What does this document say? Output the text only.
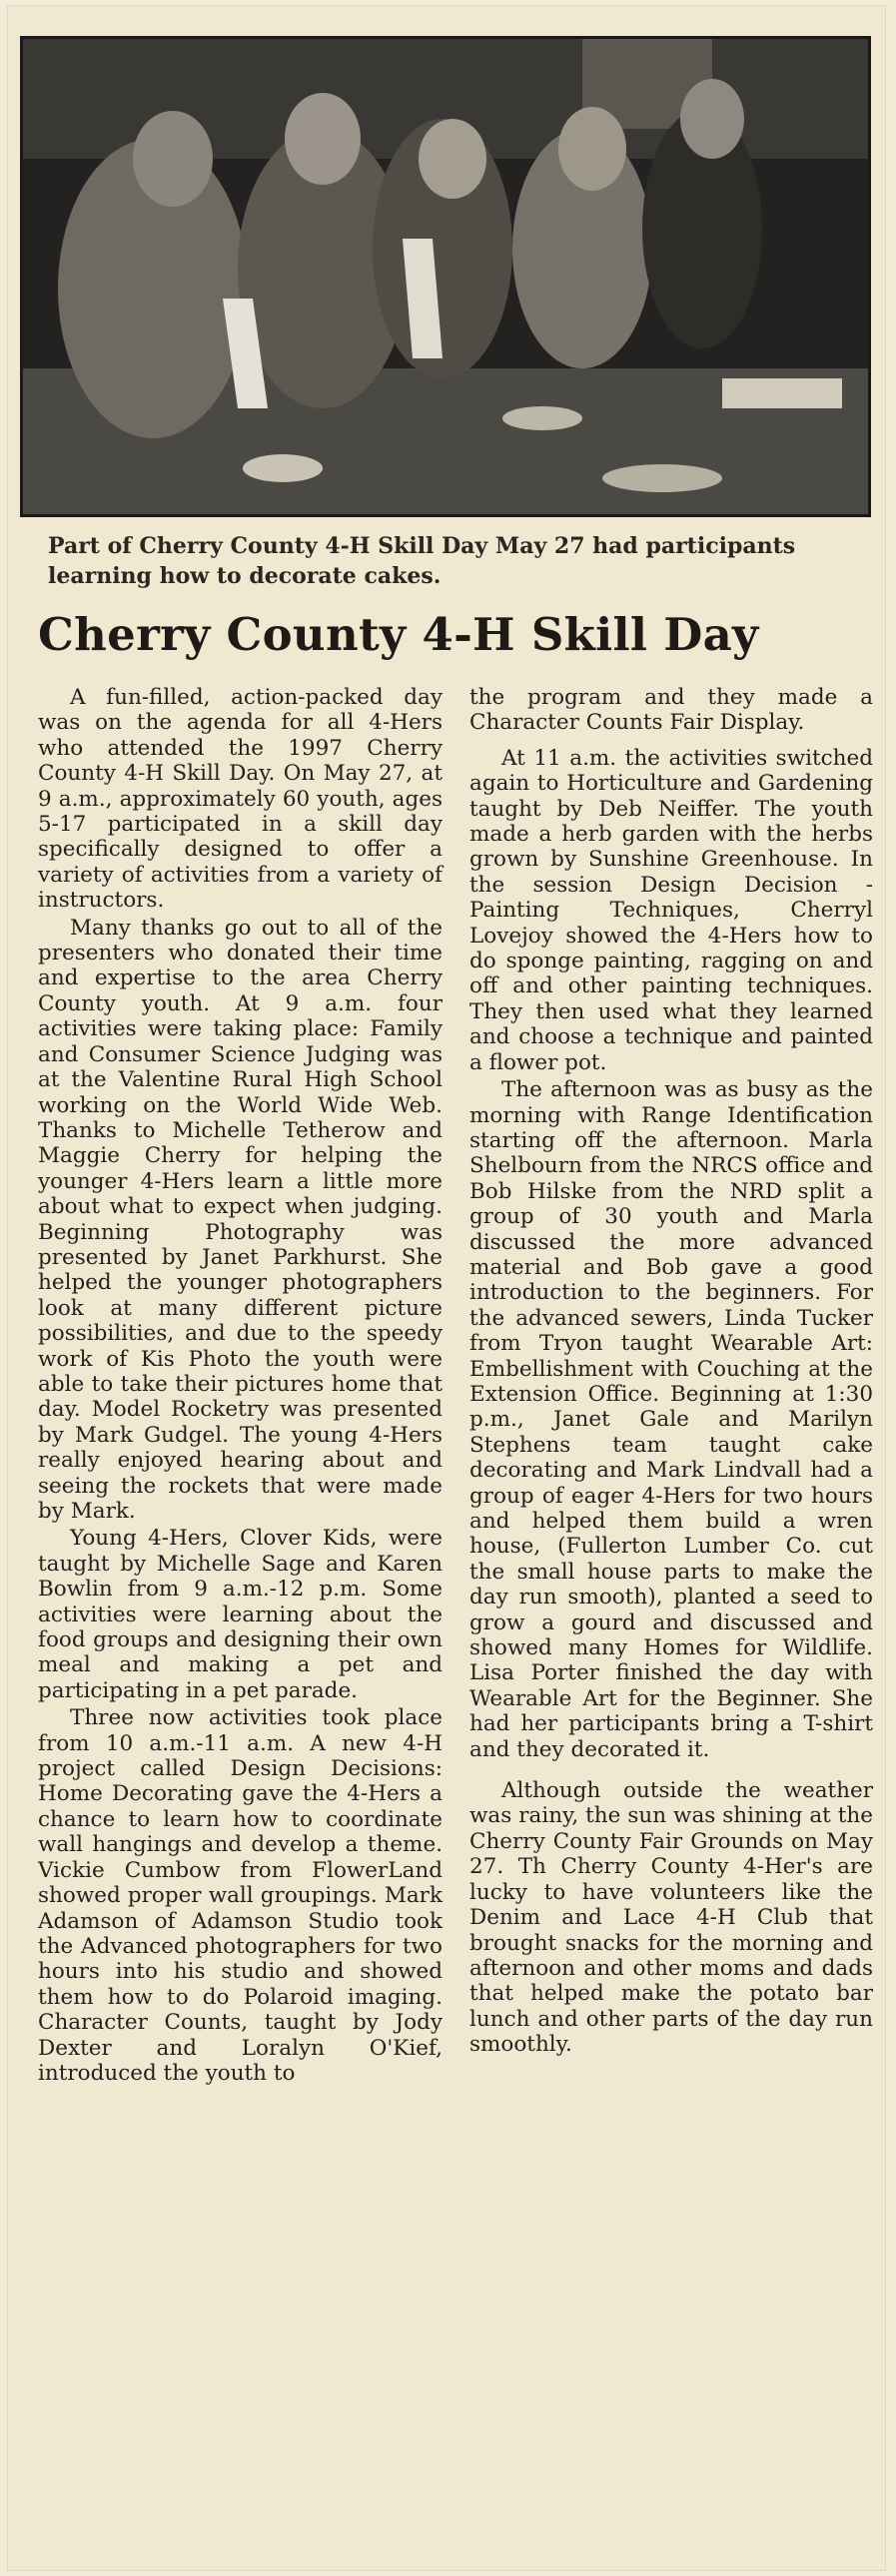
Part of Cherry County 4-H Skill Day May 27 had participants
learning how to decorate cakes.
Cherry County 4-H Skill Day

A fun-filled, action-packed day was on the agenda for all 4-Hers who attended the 1997 Cherry County 4-H Skill Day. On May 27, at 9 a.m., approximately 60 youth, ages 5-17 participated in a skill day specifically designed to offer a variety of activities from a variety of instructors.

Many thanks go out to all of the presenters who donated their time and expertise to the area Cherry County youth. At 9 a.m. four activities were taking place: Family and Consumer Science Judging was at the Valentine Rural High School working on the World Wide Web. Thanks to Michelle Tetherow and Maggie Cherry for helping the younger 4-Hers learn a little more about what to expect when judging. Beginning Photography was presented by Janet Parkhurst. She helped the younger photographers look at many different picture possibilities, and due to the speedy work of Kis Photo the youth were able to take their pictures home that day. Model Rocketry was presented by Mark Gudgel. The young 4-Hers really enjoyed hearing about and seeing the rockets that were made by Mark.

Young 4-Hers, Clover Kids, were taught by Michelle Sage and Karen Bowlin from 9 a.m.-12 p.m. Some activities were learning about the food groups and designing their own meal and making a pet and participating in a pet parade.

Three now activities took place from 10 a.m.-11 a.m. A new 4-H project called Design Decisions: Home Decorating gave the 4-Hers a chance to learn how to coordinate wall hangings and develop a theme. Vickie Cumbow from FlowerLand showed proper wall groupings. Mark Adamson of Adamson Studio took the Advanced photographers for two hours into his studio and showed them how to do Polaroid imaging. Character Counts, taught by Jody Dexter and Loralyn O'Kief, introduced the youth to

the program and they made a Character Counts Fair Display.

At 11 a.m. the activities switched again to Horticulture and Gardening taught by Deb Neiffer. The youth made a herb garden with the herbs grown by Sunshine Greenhouse. In the session Design Decision - Painting Techniques, Cherryl Lovejoy showed the 4-Hers how to do sponge painting, ragging on and off and other painting techniques. They then used what they learned and choose a technique and painted a flower pot.

The afternoon was as busy as the morning with Range Identification starting off the afternoon. Marla Shelbourn from the NRCS office and Bob Hilske from the NRD split a group of 30 youth and Marla discussed the more advanced material and Bob gave a good introduction to the beginners. For the advanced sewers, Linda Tucker from Tryon taught Wearable Art: Embellishment with Couching at the Extension Office. Beginning at 1:30 p.m., Janet Gale and Marilyn Stephens team taught cake decorating and Mark Lindvall had a group of eager 4-Hers for two hours and helped them build a wren house, (Fullerton Lumber Co. cut the small house parts to make the day run smooth), planted a seed to grow a gourd and discussed and showed many Homes for Wildlife. Lisa Porter finished the day with Wearable Art for the Beginner. She had her participants bring a T-shirt and they decorated it.

Although outside the weather was rainy, the sun was shining at the Cherry County Fair Grounds on May 27. Th Cherry County 4-Her's are lucky to have volunteers like the Denim and Lace 4-H Club that brought snacks for the morning and afternoon and other moms and dads that helped make the potato bar lunch and other parts of the day run smoothly.
